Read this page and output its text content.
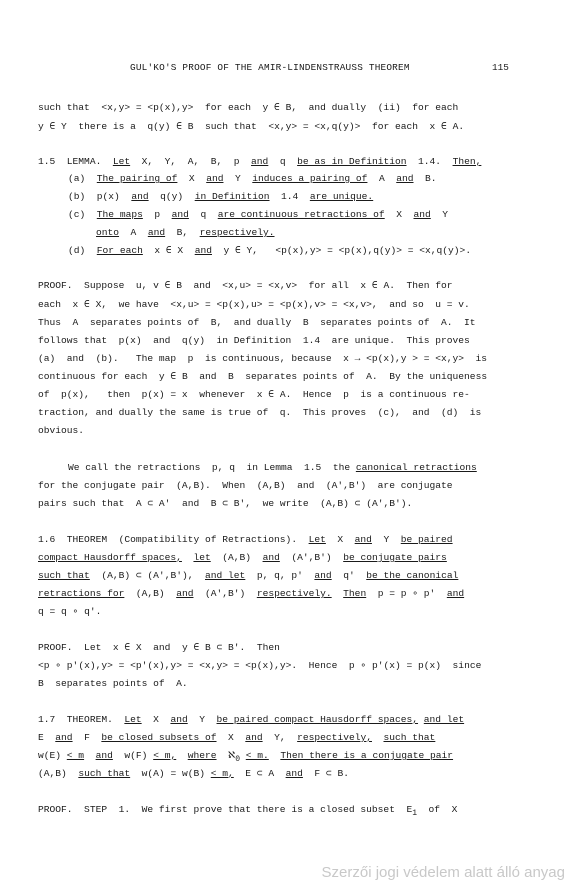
GUL'KO'S PROOF OF THE AMIR-LINDENSTRAUSS THEOREM	115
such that  <x,y> = <p(x),y>  for each  y ∈ B,  and dually  (ii)  for each
y ∈ Y  there is a  q(y) ∈ B  such that  <x,y> = <x,q(y)>  for each  x ∈ A.
1.5  LEMMA.  Let  X,  Y,  A,  B,  p  and  q  be as in Definition  1.4.  Then,
(a)  The pairing of  X  and  Y  induces a pairing of  A  and  B.
(b)  p(x)  and  q(y)  in Definition  1.4  are unique.
(c)  The maps  p  and  q  are continuous retractions of  X  and  Y
onto  A  and  B,  respectively.
(d)  For each  x ∈ X  and  y ∈ Y,   <p(x),y> = <p(x),q(y)> = <x,q(y)>.
PROOF.  Suppose  u, v ∈ B  and  <x,u> = <x,v>  for all  x ∈ A.  Then for
each  x ∈ X,  we have  <x,u> = <p(x),u> = <p(x),v> = <x,v>,  and so  u = v.
Thus  A  separates points of  B,  and dually  B  separates points of  A.  It
follows that  p(x)  and  q(y)  in Definition  1.4  are unique.  This proves
(a)  and  (b).   The map  p  is continuous, because  x → <p(x),y > = <x,y>  is
continuous for each  y ∈ B  and  B  separates points of  A.  By the uniqueness
of  p(x),   then  p(x) = x  whenever  x ∈ A.  Hence  p  is a continuous re-
traction, and dually the same is true of  q.  This proves  (c),  and  (d)  is
obvious.
We call the retractions  p, q  in Lemma  1.5  the canonical retractions
for the conjugate pair  (A,B).  When  (A,B)  and  (A',B')  are conjugate
pairs such that  A ⊂ A'  and  B ⊂ B',  we write  (A,B) ⊂ (A',B').
1.6  THEOREM  (Compatibility of Retractions).  Let  X  and  Y  be paired
compact Hausdorff spaces, let  (A,B)  and  (A',B')  be conjugate pairs
such that  (A,B) ⊂ (A',B'),  and let  p, q, p'  and  q'  be the canonical
retractions for  (A,B)  and  (A',B')  respectively. Then  p = p ∘ p'  and
q = q ∘ q'.
PROOF.  Let  x ∈ X  and  y ∈ B ⊂ B'.  Then
<p ∘ p'(x),y> = <p'(x),y> = <x,y> = <p(x),y>.  Hence  p ∘ p'(x) = p(x)  since
B  separates points of  A.
1.7  THEOREM.  Let  X  and  Y  be paired compact Hausdorff spaces, and let
E  and  F  be closed subsets of  X  and  Y,  respectively, such that
w(E) < m and  w(F) < m, where  ℵ$_0$ < m. Then there is a conjugate pair
(A,B)  such that  w(A) = w(B) < m,  E ⊂ A  and  F ⊂ B.
PROOF.  STEP  1.  We first prove that there is a closed subset  $E_1$  of  X
Szerzői jogi védelem alatt álló anyag
